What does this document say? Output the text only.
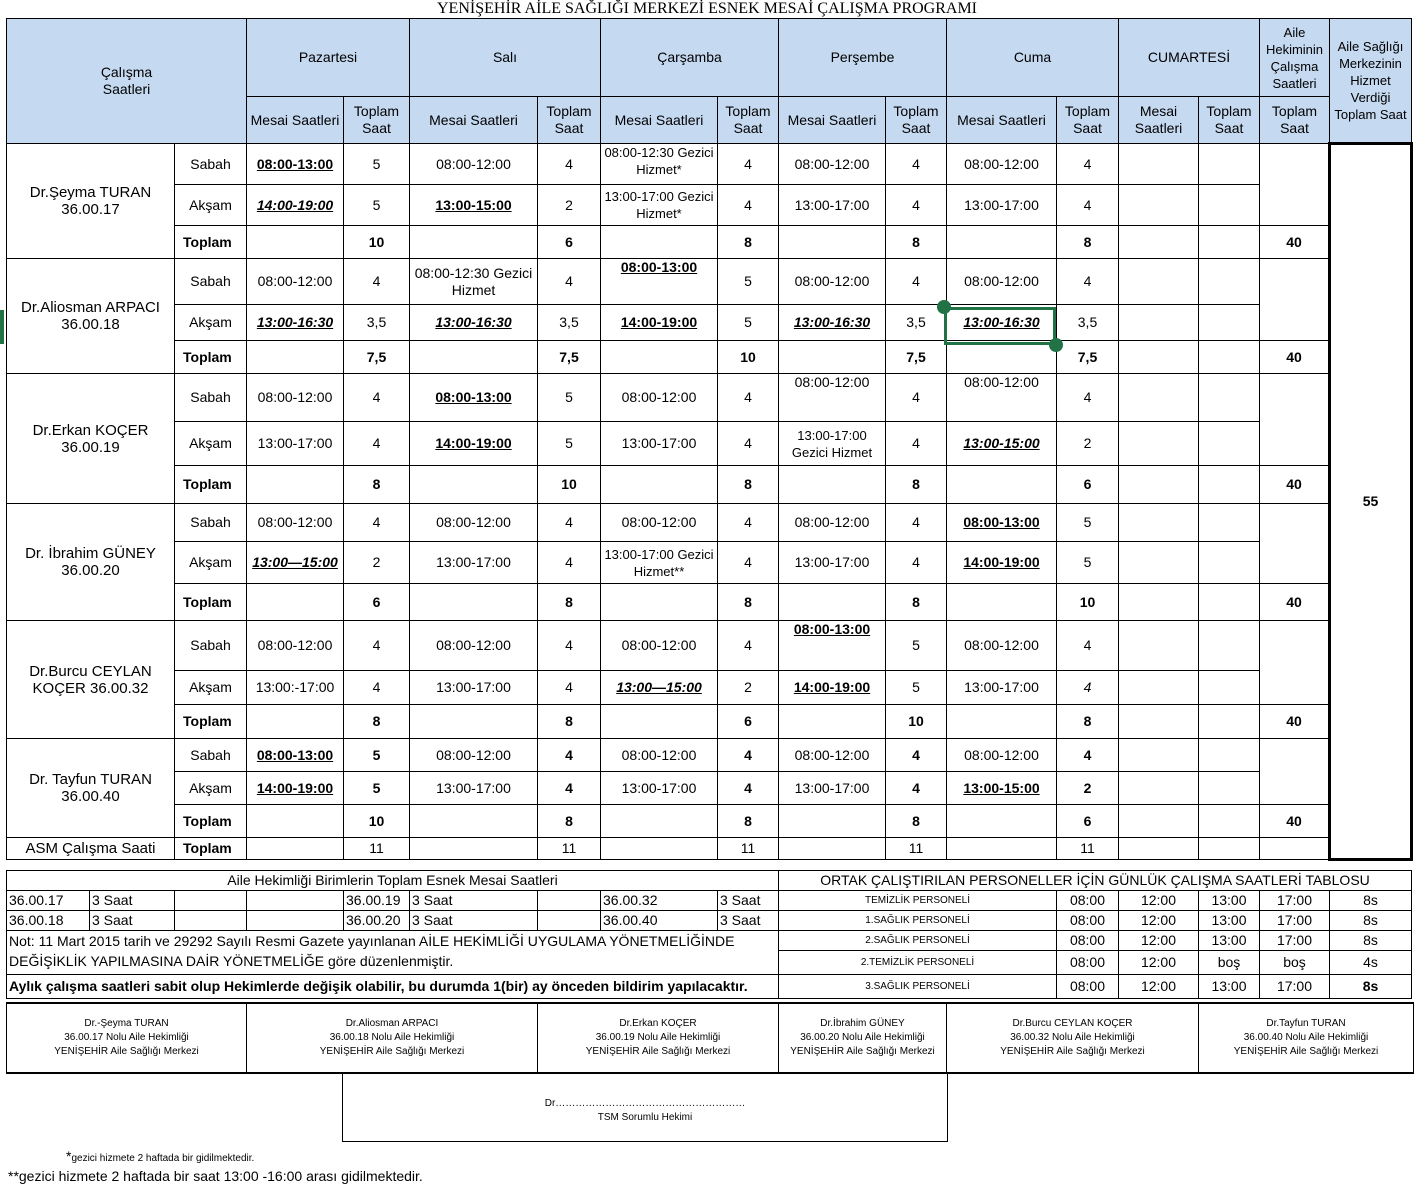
YENİŞEHİR AİLE SAĞLIĞI MERKEZİ ESNEK MESAİ ÇALIŞMA PROGRAMI
Çalışma Saatleri		Pazartesi		Salı		Çarşamba		Perşembe		Cuma		CUMARTESİ		Aile Hekiminin Çalışma Saatleri	Aile Sağlığı Merkezinin Hizmet Verdiği Toplam Saat
		Mesai Saatleri	Toplam Saat	Mesai Saatleri	Toplam Saat	Mesai Saatleri	Toplam Saat	Mesai Saatleri	Toplam Saat	Mesai Saatleri	Toplam Saat	Mesai Saatleri	Toplam Saat	Toplam Saat	
Dr.Şeyma TURAN 36.00.17	Sabah	08:00-13:00	5	08:00-12:00	4	08:00-12:30 Gezici Hizmet*	4	08:00-12:00	4	08:00-12:00	4				55
	Akşam	14:00-19:00	5	13:00-15:00	2	13:00-17:00 Gezici Hizmet*	4	13:00-17:00	4	13:00-17:00	4				
	Toplam		10		6		8		8		8			40	
Dr.Aliosman ARPACI 36.00.18	Sabah	08:00-12:00	4	08:00-12:30 Gezici Hizmet	4	08:00-13:00	5	08:00-12:00	4	08:00-12:00	4				
	Akşam	13:00-16:30	3,5	13:00-16:30	3,5	14:00-19:00	5	13:00-16:30	3,5	13:00-16:30	3,5				
	Toplam		7,5		7,5		10		7,5		7,5			40	
Dr.Erkan KOÇER 36.00.19	Sabah	08:00-12:00	4	08:00-13:00	5	08:00-12:00	4	08:00-12:00	4	08:00-12:00	4				
	Akşam	13:00-17:00	4	14:00-19:00	5	13:00-17:00	4	13:00-17:00 Gezici Hizmet	4	13:00-15:00	2				
	Toplam		8		10		8		8		6			40	
Dr. İbrahim GÜNEY 36.00.20	Sabah	08:00-12:00	4	08:00-12:00	4	08:00-12:00	4	08:00-12:00	4	08:00-13:00	5				
	Akşam	13:00—15:00	2	13:00-17:00	4	13:00-17:00 Gezici Hizmet**	4	13:00-17:00	4	14:00-19:00	5				
	Toplam		6		8		8		8		10			40	
Dr.Burcu CEYLAN KOÇER 36.00.32	Sabah	08:00-12:00	4	08:00-12:00	4	08:00-12:00	4	08:00-13:00	5	08:00-12:00	4				
	Akşam	13:00:-17:00	4	13:00-17:00	4	13:00—15:00	2	14:00-19:00	5	13:00-17:00	4				
	Toplam		8		8		6		10		8			40	
Dr. Tayfun TURAN 36.00.40	Sabah	08:00-13:00	5	08:00-12:00	4	08:00-12:00	4	08:00-12:00	4	08:00-12:00	4				
	Akşam	14:00-19:00	5	13:00-17:00	4	13:00-17:00	4	13:00-17:00	4	13:00-15:00	2				
	Toplam		10		8		8		8		6			40	
ASM Çalışma Saati	Toplam		11		11		11		11		11				
Aile Hekimliği Birimlerin Toplam Esnek Mesai Saatleri									ORTAK ÇALIŞTIRILAN PERSONELLER İÇİN GÜNLÜK ÇALIŞMA SAATLERİ TABLOSU					
36.00.17	3 Saat			36.00.19	3 Saat		36.00.32	3 Saat	TEMİZLİK PERSONELİ	08:00	12:00	13:00	17:00	8s
36.00.18	3 Saat			36.00.20	3 Saat		36.00.40	3 Saat	1.SAĞLIK PERSONELİ	08:00	12:00	13:00	17:00	8s
Not: 11 Mart 2015 tarih ve 29292 Sayılı Resmi Gazete yayınlanan AİLE HEKİMLİĞİ UYGULAMA YÖNETMELİĞİNDE DEĞİŞİKLİK YAPILMASINA DAİR YÖNETMELİĞE göre düzenlenmiştir.									2.SAĞLIK PERSONELİ	08:00	12:00	13:00	17:00	8s
									2.TEMİZLİK PERSONELİ	08:00	12:00	boş	boş	4s
Aylık çalışma saatleri sabit olup Hekimlerde değişik olabilir, bu durumda 1(bir) ay önceden bildirim yapılacaktır.									3.SAĞLIK PERSONELİ	08:00	12:00	13:00	17:00	8s
Dr.-Şeyma TURAN
36.00.17 Nolu Aile Hekimliği
YENİŞEHİR Aile Sağlığı Merkezi

Dr.Aliosman ARPACI
36.00.18 Nolu Aile Hekimliği
YENİŞEHİR Aile Sağlığı Merkezi

Dr.Erkan KOÇER
36.00.19 Nolu Aile Hekimliği
YENİŞEHİR Aile Sağlığı Merkezi

Dr.İbrahim GÜNEY
36.00.20 Nolu Aile Hekimliği
YENİŞEHİR Aile Sağlığı Merkezi

Dr.Burcu CEYLAN KOÇER
36.00.32 Nolu Aile Hekimliği
YENİŞEHİR Aile Sağlığı Merkezi

Dr.Tayfun TURAN
36.00.40 Nolu Aile Hekimliği
YENİŞEHİR Aile Sağlığı Merkezi
Dr…………………………………………………
TSM Sorumlu Hekimi
*gezici hizmete 2 haftada bir gidilmektedir.
**gezici hizmete 2 haftada bir saat 13:00 -16:00 arası gidilmektedir.
